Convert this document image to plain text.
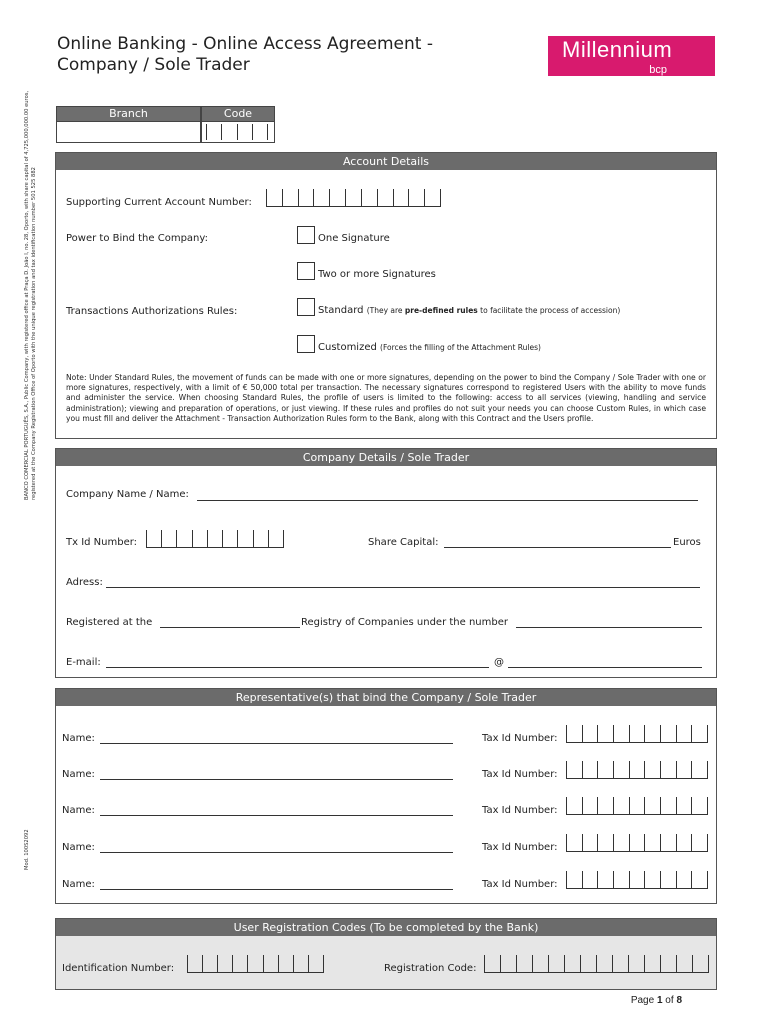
Online Banking - Online Access Agreement -
Company / Sole Trader
Millennium
bcp
Branch	Code
Account Details
Supporting Current Account Number:
Power to Bind the Company:	One Signature
Two or more Signatures
Transactions Authorizations Rules:	Standard (They are pre-defined rules to facilitate the process of accession)
Customized (Forces the filling of the Attachment Rules)
Note: Under Standard Rules, the movement of funds can be made with one or more signatures, depending on the power to bind the Company / Sole Trader with one or more signatures, respectively, with a limit of € 50,000 total per transaction. The necessary signatures correspond to registered Users with the ability to move funds and administer the service. When choosing Standard Rules, the profile of users is limited to the following: access to all services (viewing, handling and service administration); viewing and preparation of operations, or just viewing. If these rules and profiles do not suit your needs you can choose Custom Rules, in which case you must fill and deliver the Attachment - Transaction Authorization Rules form to the Bank, along with this Contract and the Users profile.
Company Details / Sole Trader
Company Name / Name:
Tx Id Number:	Share Capital:	Euros
Adress:
Registered at the	Registry of Companies under the number
E-mail:	@
Representative(s) that bind the Company / Sole Trader
Name:	Tax Id Number:
Name:	Tax Id Number:
Name:	Tax Id Number:
Name:	Tax Id Number:
Name:	Tax Id Number:
User Registration Codes (To be completed by the Bank)
Identification Number:	Registration Code:
BANCO COMERCIAL PORTUGUÊS, S.A., Public Company, with registered office at Praça D. João I, no. 28, Oporto, with share capital of 4,725,000,000.00 euros, registered at the Company Registration Office of Oporto with the unique registration and tax identification number 501 525 882
Mod. 100S2092
Page 1 of 8
